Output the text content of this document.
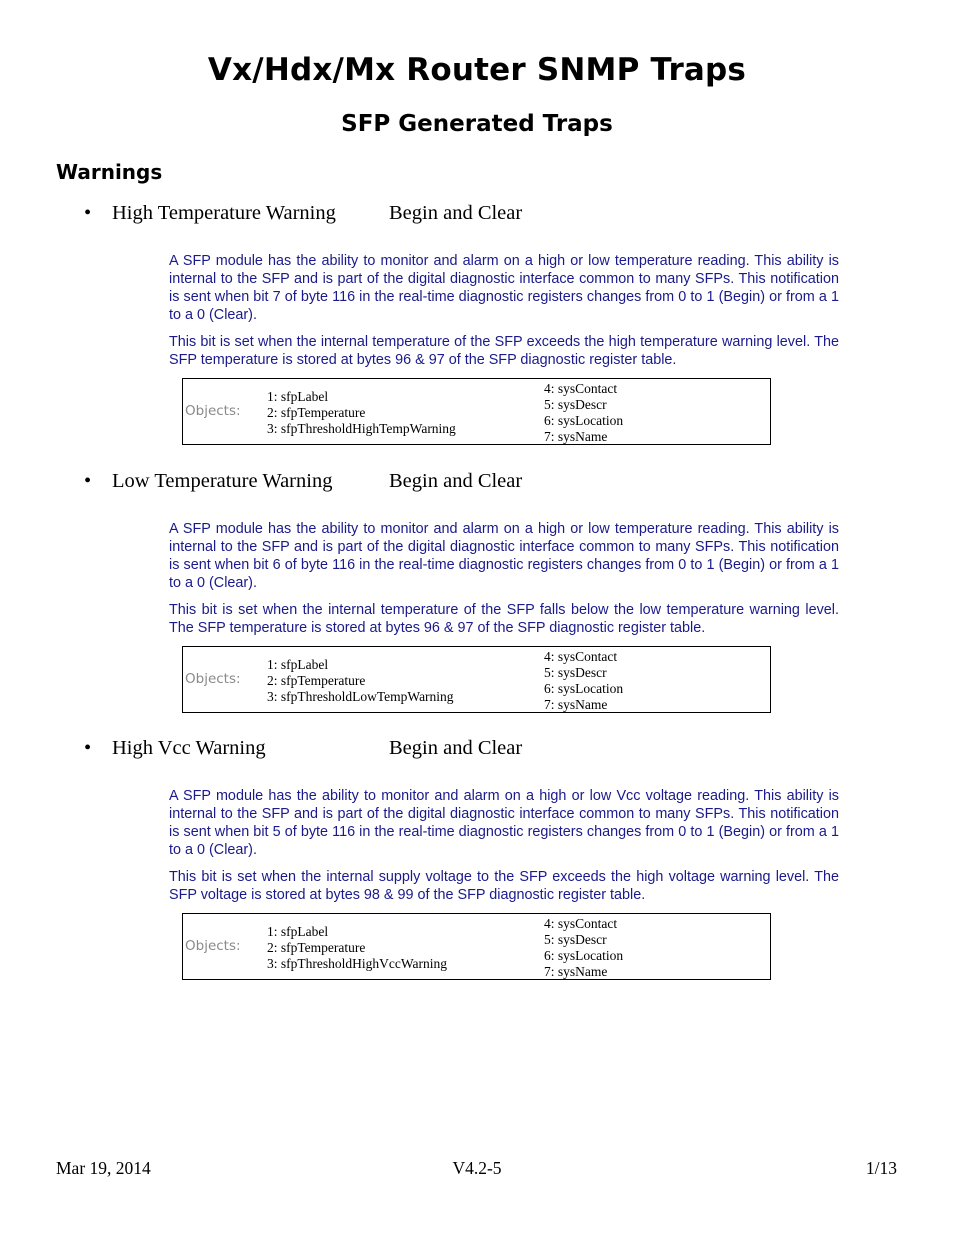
Vx/Hdx/Mx Router SNMP Traps
SFP Generated Traps
Warnings
• High Temperature Warning	Begin and Clear

A SFP module has the ability to monitor and alarm on a high or low temperature reading. This ability is internal to the SFP and is part of the digital diagnostic interface common to many SFPs. This notification is sent when bit 7 of byte 116 in the real-time diagnostic registers changes from 0 to 1 (Begin) or from a 1 to a 0 (Clear).

This bit is set when the internal temperature of the SFP exceeds the high temperature warning level. The SFP temperature is stored at bytes 96 & 97 of the SFP diagnostic register table.

Objects:
1: sfpLabel
2: sfpTemperature
3: sfpThresholdHighTempWarning
4: sysContact
5: sysDescr
6: sysLocation
7: sysName
• Low Temperature Warning	Begin and Clear

A SFP module has the ability to monitor and alarm on a high or low temperature reading. This ability is internal to the SFP and is part of the digital diagnostic interface common to many SFPs. This notification is sent when bit 6 of byte 116 in the real-time diagnostic registers changes from 0 to 1 (Begin) or from a 1 to a 0 (Clear).

This bit is set when the internal temperature of the SFP falls below the low temperature warning level. The SFP temperature is stored at bytes 96 & 97 of the SFP diagnostic register table.

Objects:
1: sfpLabel
2: sfpTemperature
3: sfpThresholdLowTempWarning
4: sysContact
5: sysDescr
6: sysLocation
7: sysName
• High Vcc Warning	Begin and Clear

A SFP module has the ability to monitor and alarm on a high or low Vcc voltage reading. This ability is internal to the SFP and is part of the digital diagnostic interface common to many SFPs. This notification is sent when bit 5 of byte 116 in the real-time diagnostic registers changes from 0 to 1 (Begin) or from a 1 to a 0 (Clear).

This bit is set when the internal supply voltage to the SFP exceeds the high voltage warning level. The SFP voltage is stored at bytes 98 & 99 of the SFP diagnostic register table.

Objects:
1: sfpLabel
2: sfpTemperature
3: sfpThresholdHighVccWarning
4: sysContact
5: sysDescr
6: sysLocation
7: sysName
Mar 19, 2014	V4.2-5	1/13
